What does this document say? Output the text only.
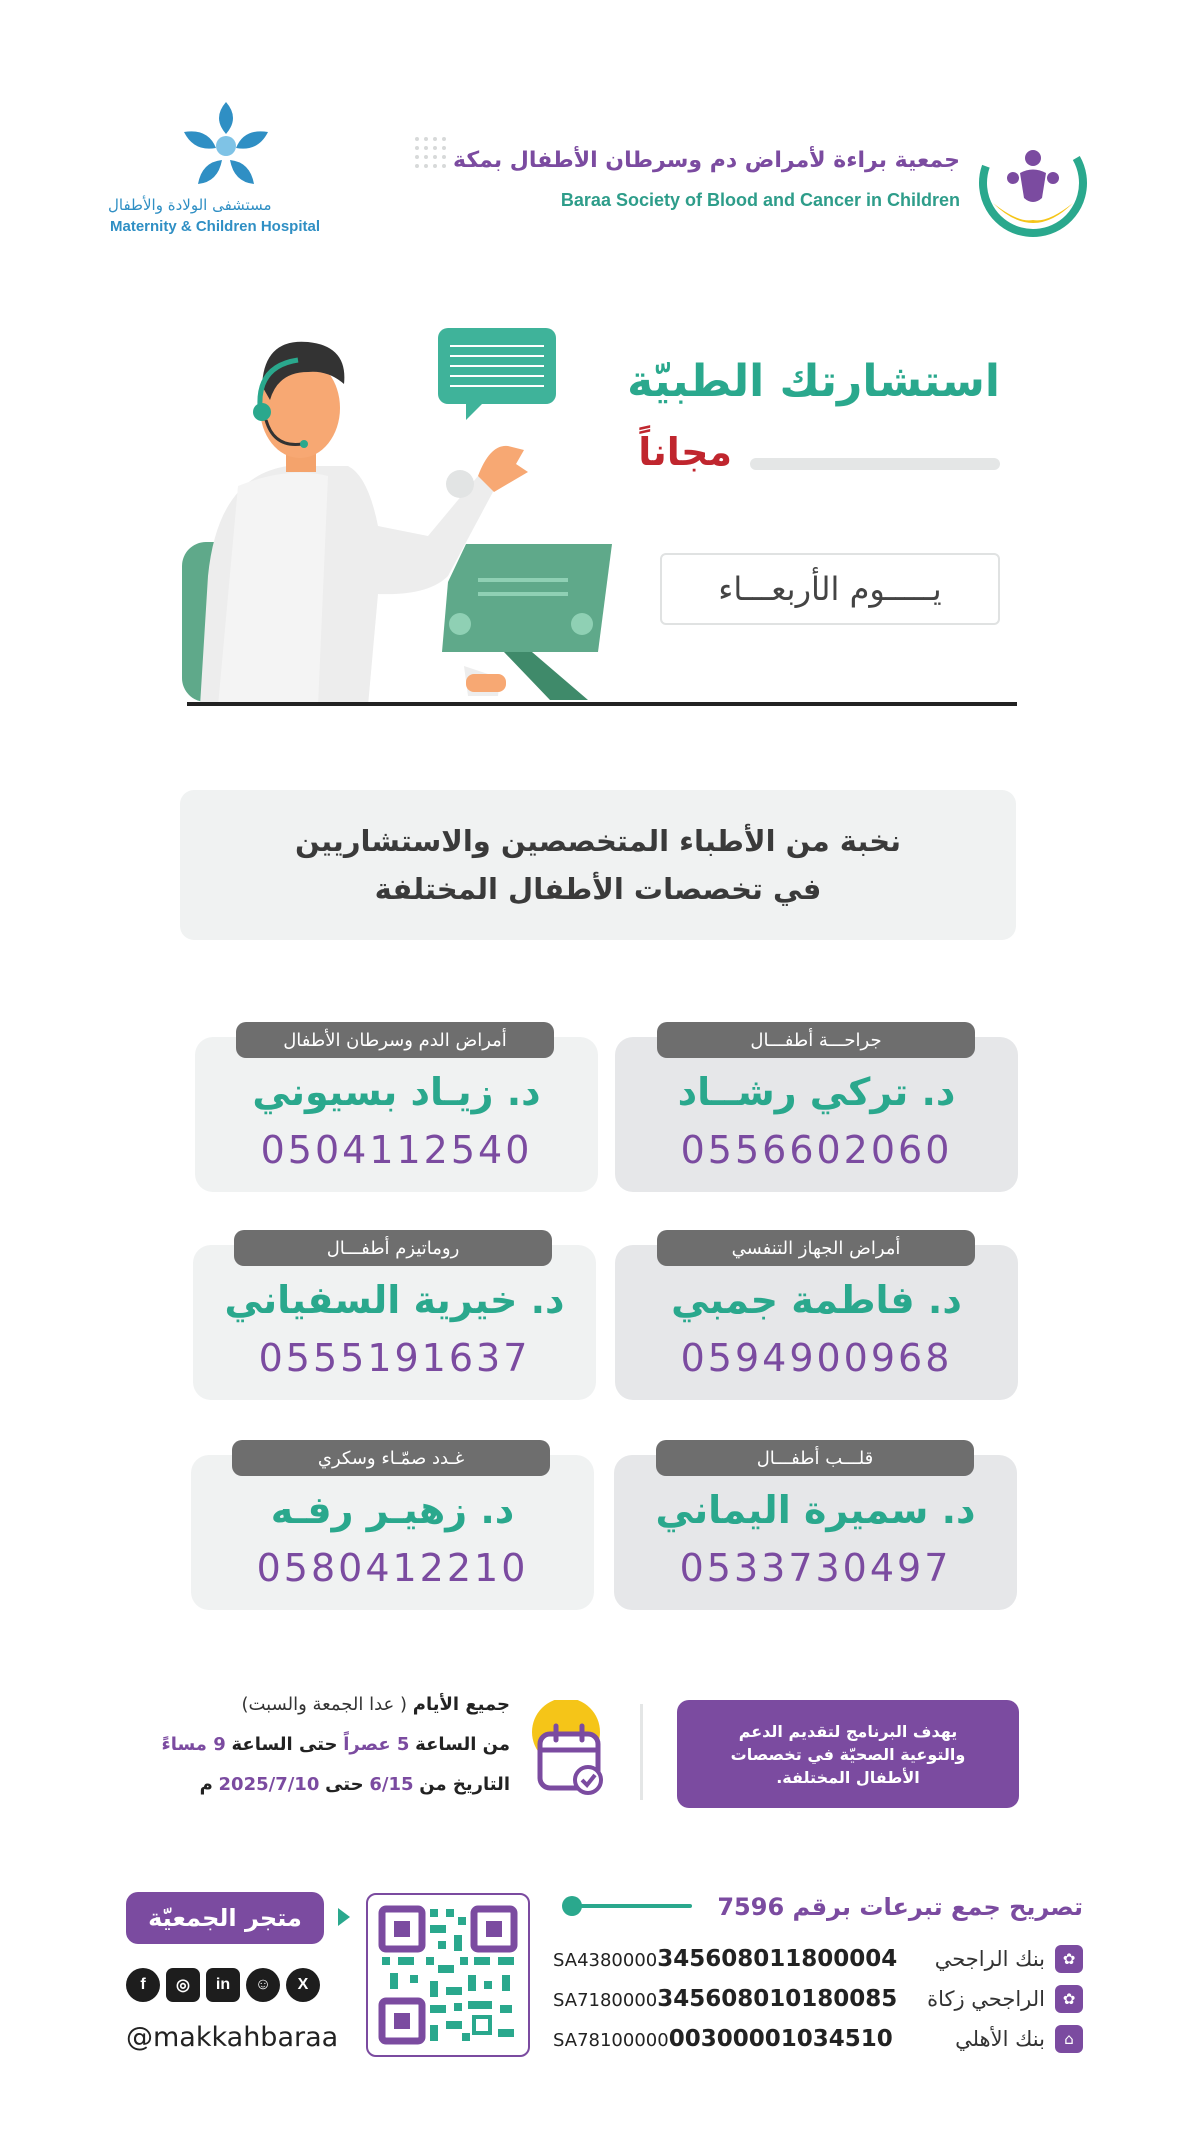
جمعية براءة لأمراض دم وسرطان الأطفال بمكة
Baraa Society of Blood and Cancer in Children
مستشفى الولادة والأطفال
Maternity & Children Hospital
استشارتك الطبيّة
مجاناً
يـــــوم الأربعـــاء
نخبة من الأطباء المتخصصين والاستشاريين
في تخصصات الأطفال المختلفة
جراحـــة أطفـــال
د. تركي رشــاد
0556602060
أمراض الدم وسرطان الأطفال
د. زيـاد بسيوني
0504112540
أمراض الجهاز التنفسي
د. فاطمة جمبي
0594900968
روماتيزم أطفـــال
د. خيرية السفياني
0555191637
قلـــب أطفـــال
د. سميرة اليماني
0533730497
غـدد صمّـاء وسكري
د. زهيـر رفـه
0580412210
يهدف البرنامج لتقديم الدعم
والتوعية الصحيّة في تخصصات
الأطفال المختلفة.
جميع الأيام ( عدا الجمعة والسبت)
من الساعة 5 عصراً حتى الساعة 9 مساءً
التاريخ من 6/15 حتى 2025/7/10 م
تصريح جمع تبرعات برقم 7596
✿
بنك الراجحي
SA4380000345608011800004
✿
الراجحي زكاة
SA7180000345608010180085
⌂
بنك الأهلي
SA7810000000300001034510
متجر الجمعيّة
f	◎	in	☺	X
@makkahbaraa
